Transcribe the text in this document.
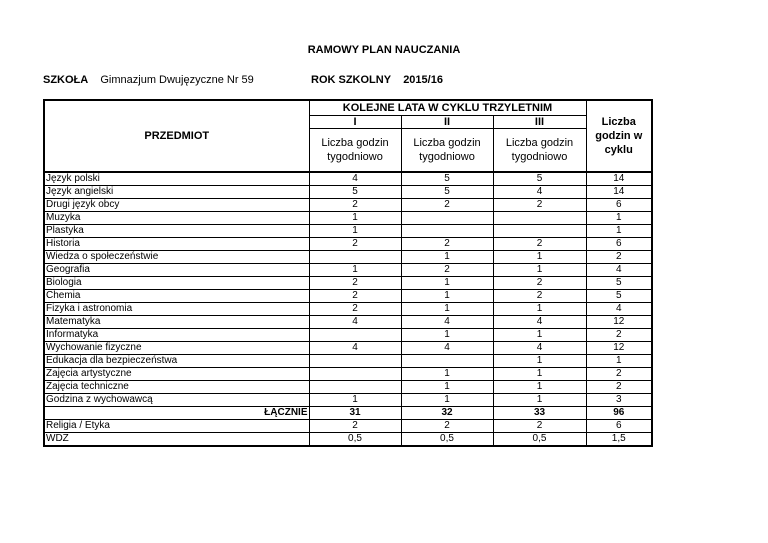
RAMOWY PLAN NAUCZANIA
SZKOŁA Gimnazjum Dwujęzyczne Nr 59	ROK SZKOLNY 2015/16
PRZEDMIOT	KOLEJNE LATA W CYKLU TRZYLETNIM			Liczba godzin w cyklu
	I	II	III	
	Liczba godzin tygodniowo	Liczba godzin tygodniowo	Liczba godzin tygodniowo	
Język polski	4	5	5	14
Język angielski	5	5	4	14
Drugi język obcy	2	2	2	6
Muzyka	1			1
Plastyka	1			1
Historia	2	2	2	6
Wiedza o społeczeństwie		1	1	2
Geografia	1	2	1	4
Biologia	2	1	2	5
Chemia	2	1	2	5
Fizyka i astronomia	2	1	1	4
Matematyka	4	4	4	12
Informatyka		1	1	2
Wychowanie fizyczne	4	4	4	12
Edukacja dla bezpieczeństwa			1	1
Zajęcia artystyczne		1	1	2
Zajęcia techniczne		1	1	2
Godzina z wychowawcą	1	1	1	3
ŁĄCZNIE	31	32	33	96
Religia / Etyka	2	2	2	6
WDŻ	0,5	0,5	0,5	1,5
